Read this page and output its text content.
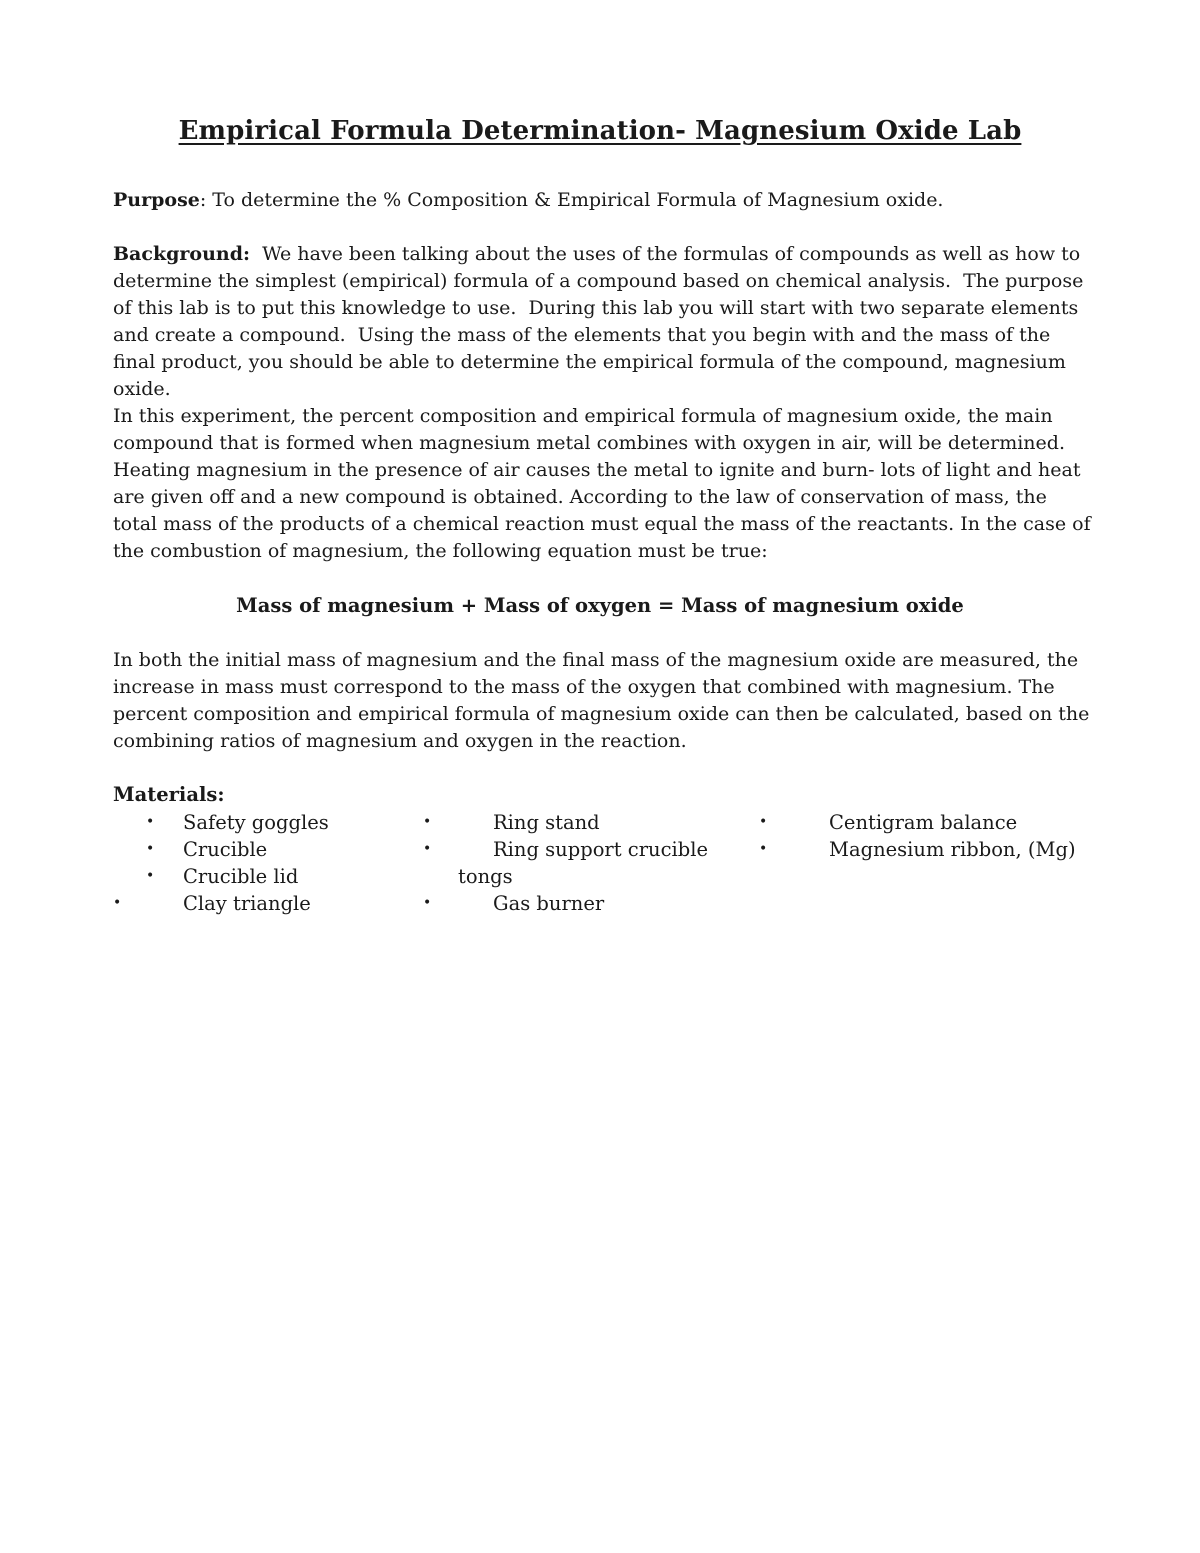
Empirical Formula Determination- Magnesium Oxide Lab

Purpose: To determine the % Composition & Empirical Formula of Magnesium oxide.

Background:  We have been talking about the uses of the formulas of compounds as well as how to determine the simplest (empirical) formula of a compound based on chemical analysis.  The purpose of this lab is to put this knowledge to use.  During this lab you will start with two separate elements and create a compound.  Using the mass of the elements that you begin with and the mass of the final product, you should be able to determine the empirical formula of the compound, magnesium oxide.

In this experiment, the percent composition and empirical formula of magnesium oxide, the main compound that is formed when magnesium metal combines with oxygen in air, will be determined. Heating magnesium in the presence of air causes the metal to ignite and burn- lots of light and heat are given off and a new compound is obtained. According to the law of conservation of mass, the total mass of the products of a chemical reaction must equal the mass of the reactants. In the case of the combustion of magnesium, the following equation must be true:

Mass of magnesium + Mass of oxygen = Mass of magnesium oxide

In both the initial mass of magnesium and the final mass of the magnesium oxide are measured, the increase in mass must correspond to the mass of the oxygen that combined with magnesium. The percent composition and empirical formula of magnesium oxide can then be calculated, based on the combining ratios of magnesium and oxygen in the reaction.

Materials:
• Safety goggles
• Crucible
• Crucible lid
•	Clay triangle
•	Ring stand
•	Ring support crucible
tongs
•	Gas burner
•	Centigram balance
•	Magnesium ribbon, (Mg)
